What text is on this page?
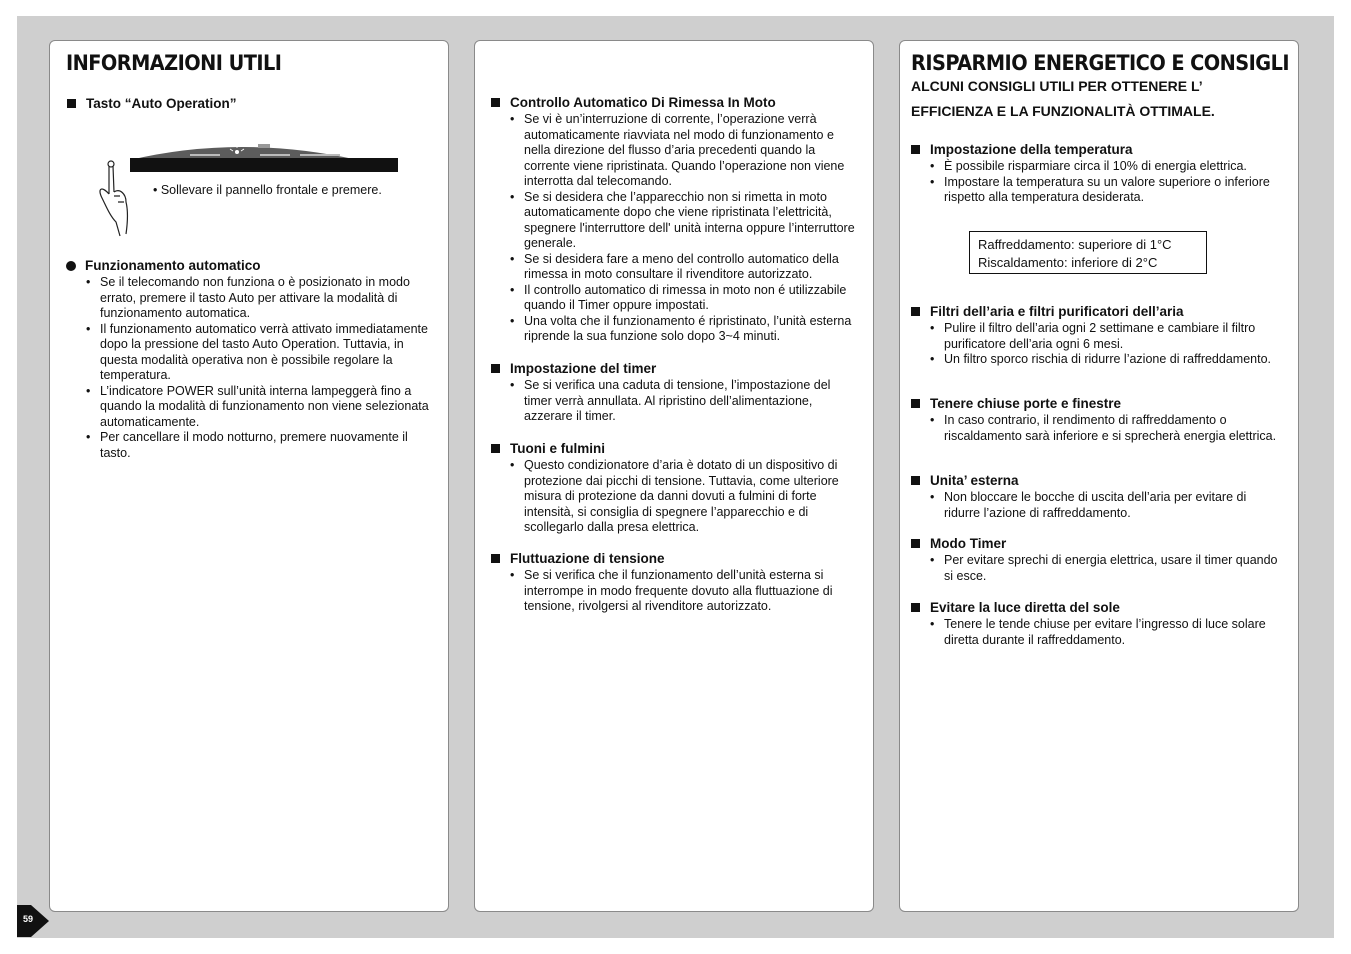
INFORMAZIONI UTILI
Tasto “Auto Operation”
• Sollevare il pannello frontale e premere.
Funzionamento automatico
• Se il telecomando non funziona o è posizionato in modo errato, premere il tasto Auto per attivare la modalità di funzionamento automatica.
• Il funzionamento automatico verrà attivato immediatamente dopo la pressione del tasto Auto Operation. Tuttavia, in questa modalità operativa non è possibile regolare la temperatura.
• L’indicatore POWER sull’unità interna lampeggerà fino a quando la modalità di funzionamento non viene selezionata automaticamente.
• Per cancellare il modo notturno, premere nuovamente il tasto.
Controllo Automatico Di Rimessa In Moto
• Se vi è un’interruzione di corrente, l’operazione verrà automaticamente riavviata nel modo di funzionamento e nella direzione del flusso d’aria precedenti quando la corrente viene ripristinata. Quando l’operazione non viene interrotta dal telecomando.
• Se si desidera che l’apparecchio non si rimetta in moto automaticamente dopo che viene ripristinata l’elettricità, spegnere l'interruttore dell' unità interna oppure l’interruttore generale.
• Se si desidera fare a meno del controllo automatico della rimessa in moto consultare il rivenditore autorizzato.
• Il controllo automatico di rimessa in moto non é utilizzabile quando il Timer oppure impostati.
• Una volta che il funzionamento é ripristinato, l’unità esterna riprende la sua funzione solo dopo 3~4 minuti.
Impostazione del timer
• Se si verifica una caduta di tensione, l’impostazione del timer verrà annullata. Al ripristino dell’alimentazione, azzerare il timer.
Tuoni e fulmini
• Questo condizionatore d’aria è dotato di un dispositivo di protezione dai picchi di tensione. Tuttavia, come ulteriore misura di protezione da danni dovuti a fulmini di forte intensità, si consiglia di spegnere l’apparecchio e di scollegarlo dalla presa elettrica.
Fluttuazione di tensione
• Se si verifica che il funzionamento dell’unità esterna si interrompe in modo frequente dovuto alla fluttuazione di tensione, rivolgersi al rivenditore autorizzato.
RISPARMIO ENERGETICO E CONSIGLI
ALCUNI CONSIGLI UTILI PER OTTENERE L’
EFFICIENZA E LA FUNZIONALITÀ OTTIMALE.
Impostazione della temperatura
• È possibile risparmiare circa il 10% di energia elettrica.
• Impostare la temperatura su un valore superiore o inferiore rispetto alla temperatura desiderata.
Raffreddamento: superiore di 1°C
Riscaldamento: inferiore di 2°C
Filtri dell’aria e filtri purificatori dell’aria
• Pulire il filtro dell’aria ogni 2 settimane e cambiare il filtro purificatore dell’aria ogni 6 mesi.
• Un filtro sporco rischia di ridurre l’azione di raffreddamento.
Tenere chiuse porte e finestre
• In caso contrario, il rendimento di raffreddamento o riscaldamento sarà inferiore e si sprecherà energia elettrica.
Unita’ esterna
• Non bloccare le bocche di uscita dell’aria per evitare di ridurre l’azione di raffreddamento.
Modo Timer
• Per evitare sprechi di energia elettrica, usare il timer quando si esce.
Evitare la luce diretta del sole
• Tenere le tende chiuse per evitare l’ingresso di luce solare diretta durante il raffreddamento.
59
